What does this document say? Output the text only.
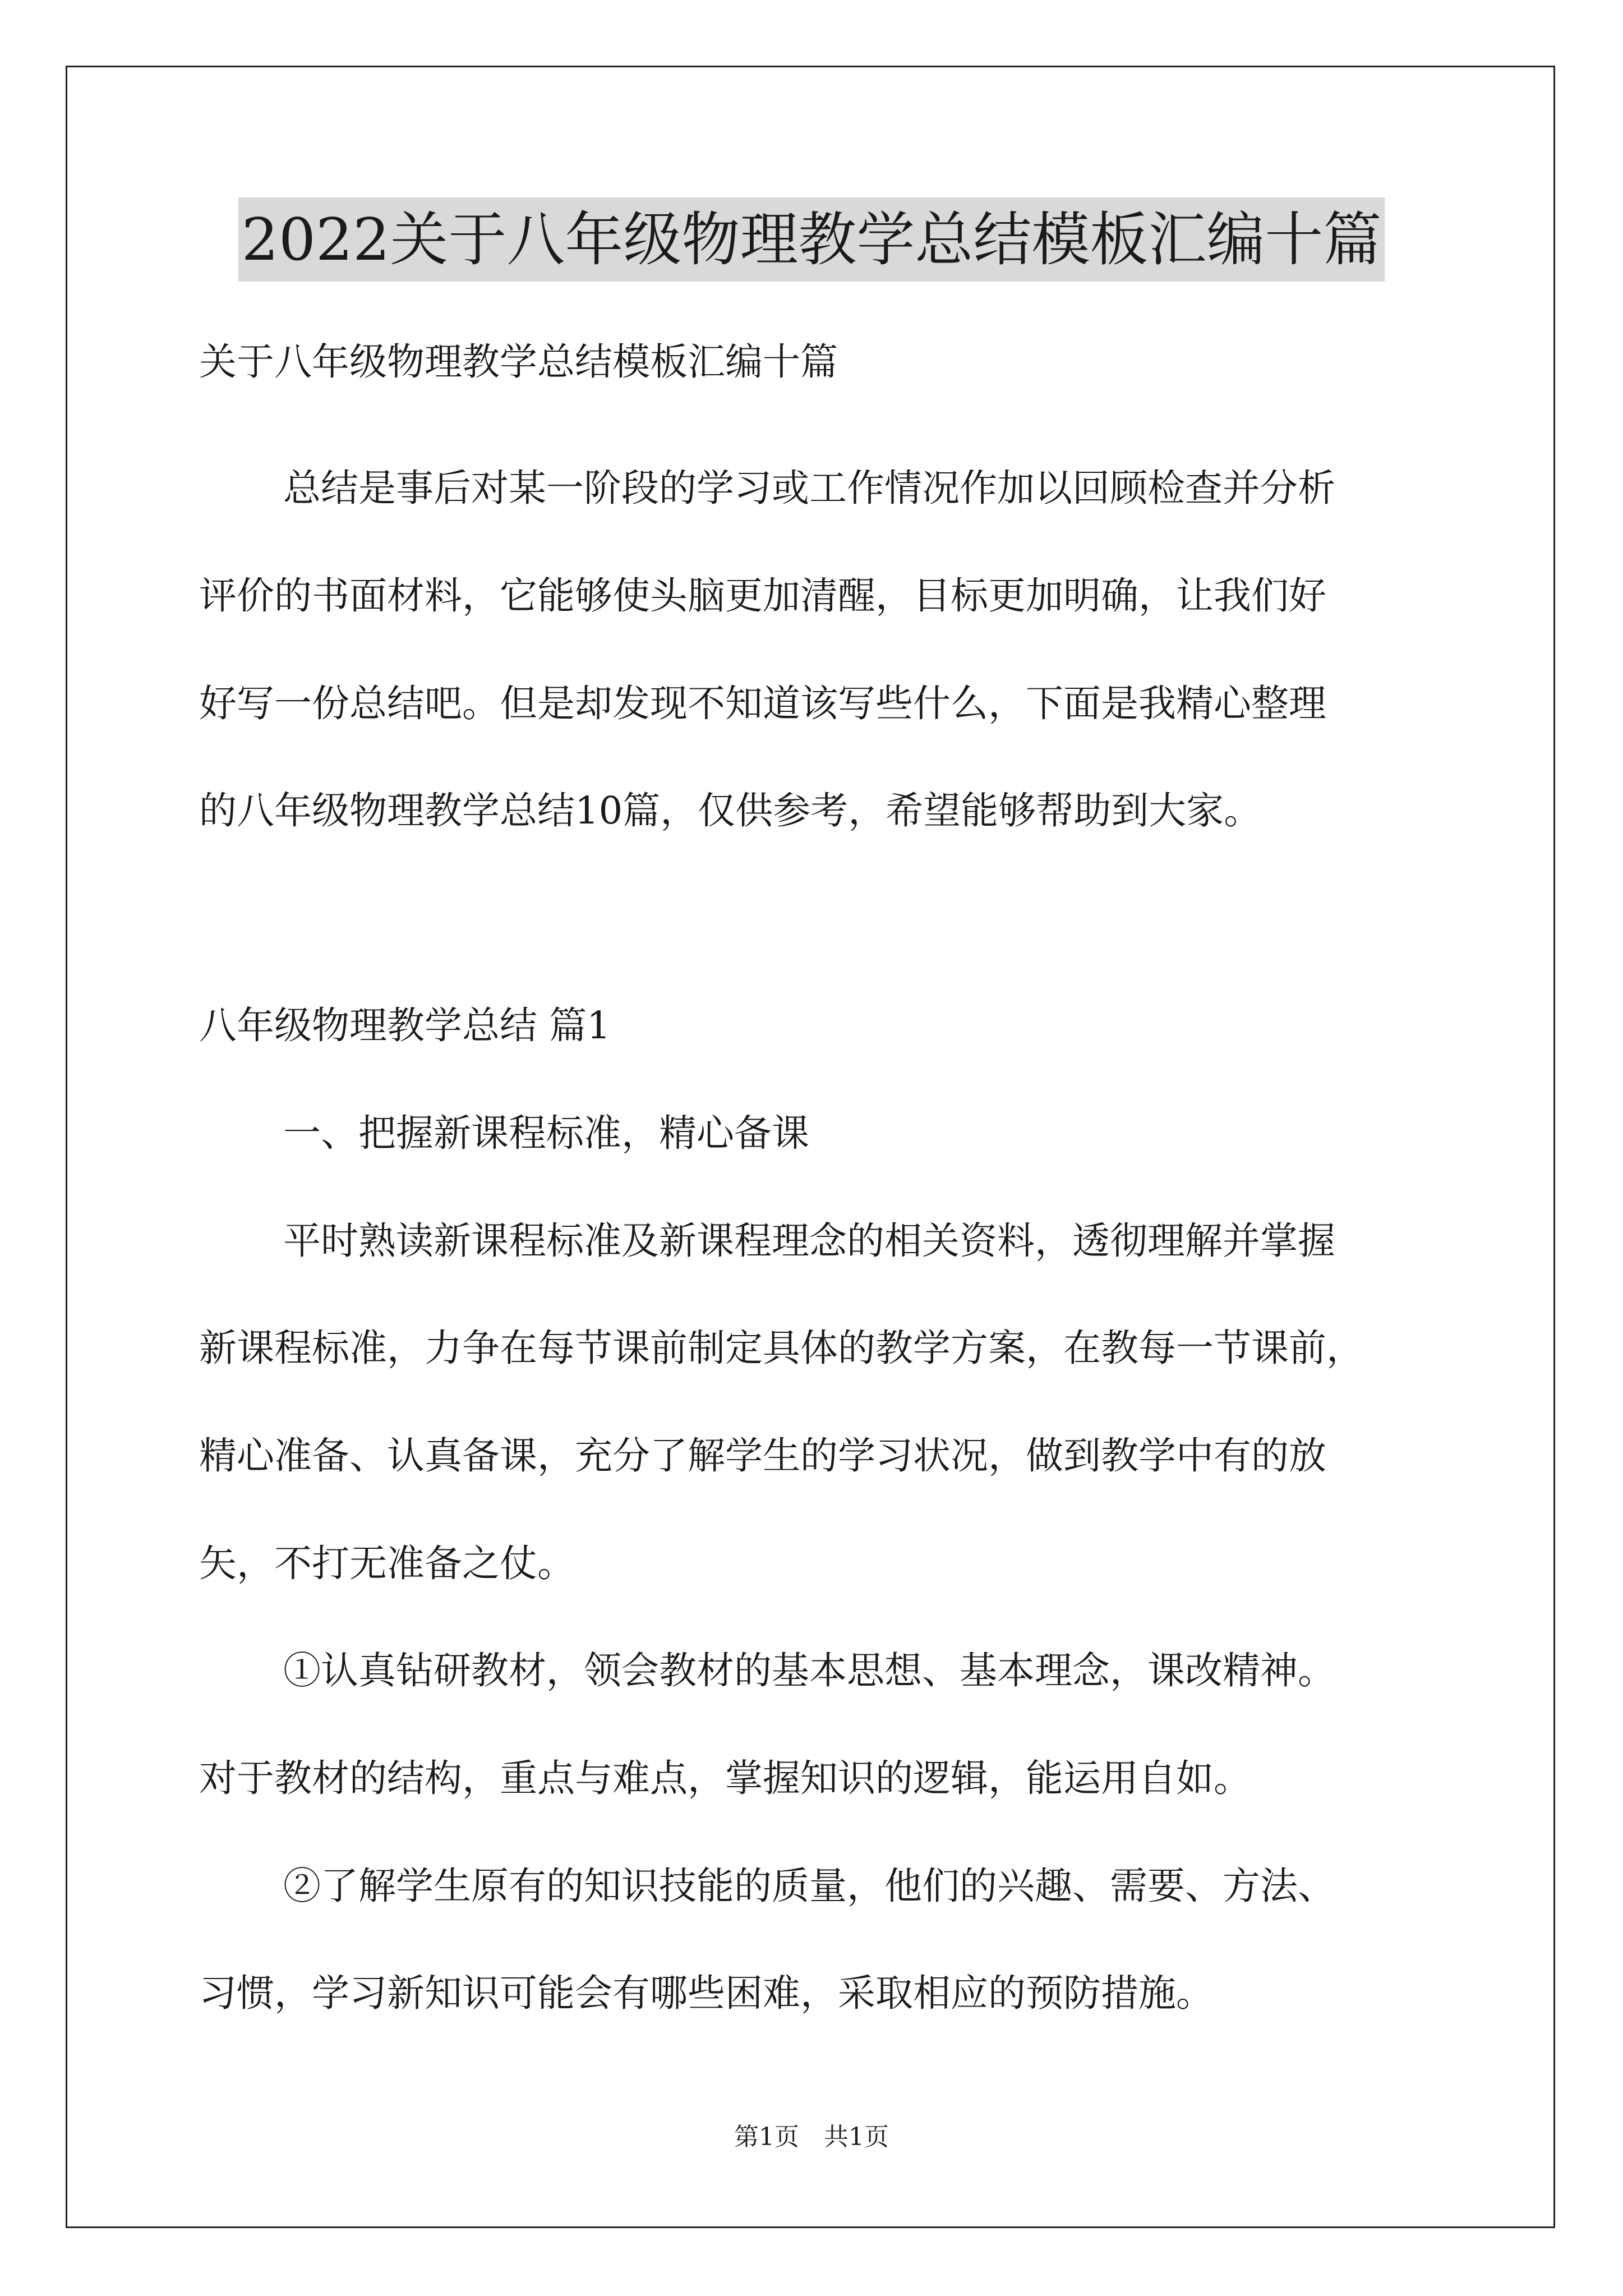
2022关于八年级物理教学总结模板汇编十篇
关于八年级物理教学总结模板汇编十篇
总结是事后对某一阶段的学习或工作情况作加以回顾检查并分析
评价的书面材料，它能够使头脑更加清醒，目标更加明确，让我们好
好写一份总结吧。但是却发现不知道该写些什么，下面是我精心整理
的八年级物理教学总结10篇，仅供参考，希望能够帮助到大家。
八年级物理教学总结 篇1
一、把握新课程标准，精心备课
平时熟读新课程标准及新课程理念的相关资料，透彻理解并掌握
新课程标准，力争在每节课前制定具体的教学方案，在教每一节课前，
精心准备、认真备课，充分了解学生的学习状况，做到教学中有的放
矢，不打无准备之仗。
①认真钻研教材，领会教材的基本思想、基本理念，课改精神。
对于教材的结构，重点与难点，掌握知识的逻辑，能运用自如。
②了解学生原有的知识技能的质量，他们的兴趣、需要、方法、
习惯，学习新知识可能会有哪些困难，采取相应的预防措施。
第1页　共1页
